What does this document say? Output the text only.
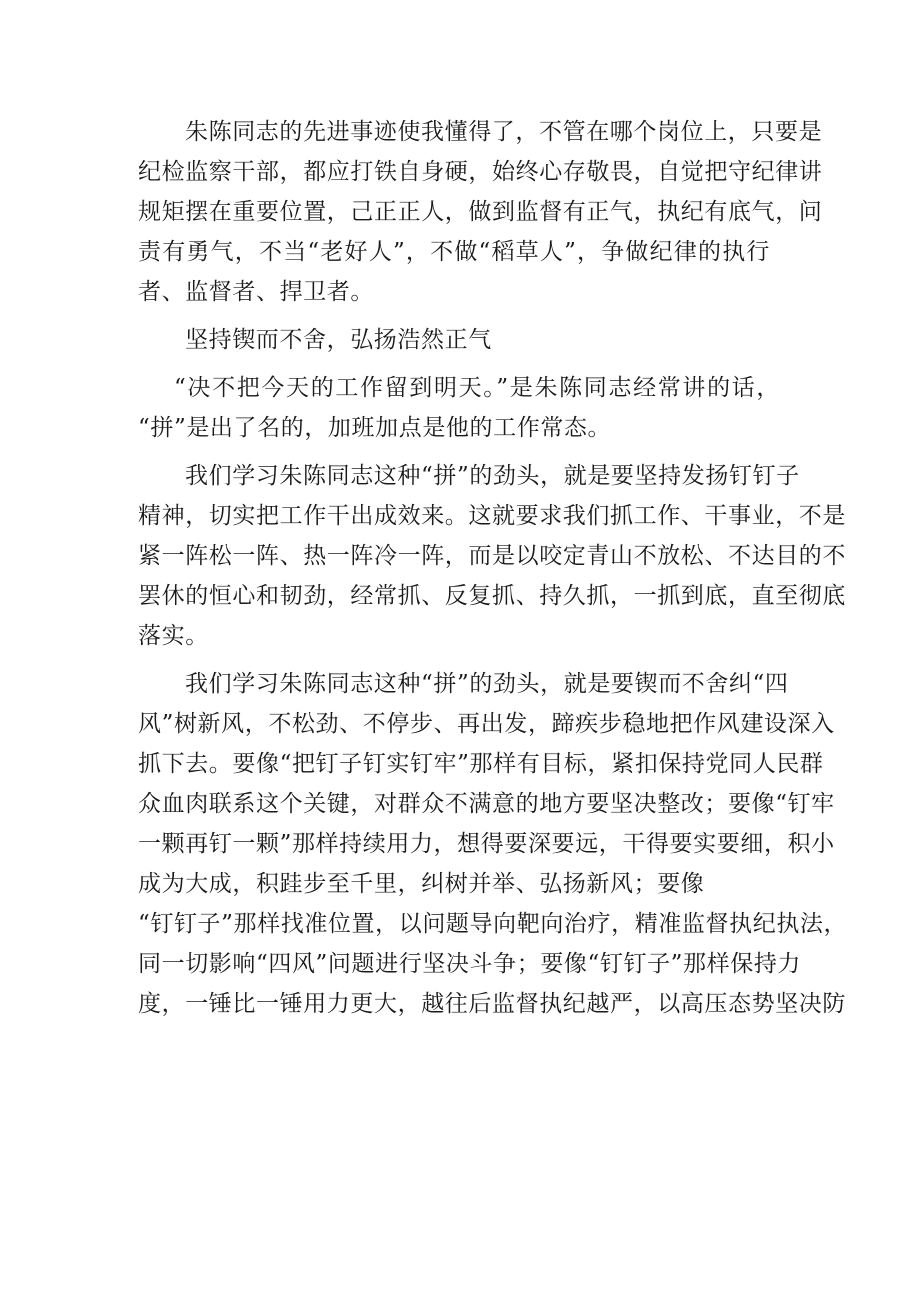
朱陈同志的先进事迹使我懂得了，不管在哪个岗位上，只要是
纪检监察干部，都应打铁自身硬，始终心存敬畏，自觉把守纪律讲
规矩摆在重要位置，己正正人，做到监督有正气，执纪有底气，问
责有勇气，不当“老好人”，不做“稻草人”，争做纪律的执行
者、监督者、捍卫者。
坚持锲而不舍，弘扬浩然正气
“决不把今天的工作留到明天。”是朱陈同志经常讲的话，
“拼”是出了名的，加班加点是他的工作常态。
我们学习朱陈同志这种“拼”的劲头，就是要坚持发扬钉钉子
精神，切实把工作干出成效来。这就要求我们抓工作、干事业，不是
紧一阵松一阵、热一阵冷一阵，而是以咬定青山不放松、不达目的不
罢休的恒心和韧劲，经常抓、反复抓、持久抓，一抓到底，直至彻底
落实。
我们学习朱陈同志这种“拼”的劲头，就是要锲而不舍纠“四
风”树新风，不松劲、不停步、再出发，蹄疾步稳地把作风建设深入
抓下去。要像“把钉子钉实钉牢”那样有目标，紧扣保持党同人民群
众血肉联系这个关键，对群众不满意的地方要坚决整改；要像“钉牢
一颗再钉一颗”那样持续用力，想得要深要远，干得要实要细，积小
成为大成，积跬步至千里，纠树并举、弘扬新风；要像
“钉钉子”那样找准位置，以问题导向靶向治疗，精准监督执纪执法，
同一切影响“四风”问题进行坚决斗争；要像“钉钉子”那样保持力
度，一锤比一锤用力更大，越往后监督执纪越严，以高压态势坚决防
